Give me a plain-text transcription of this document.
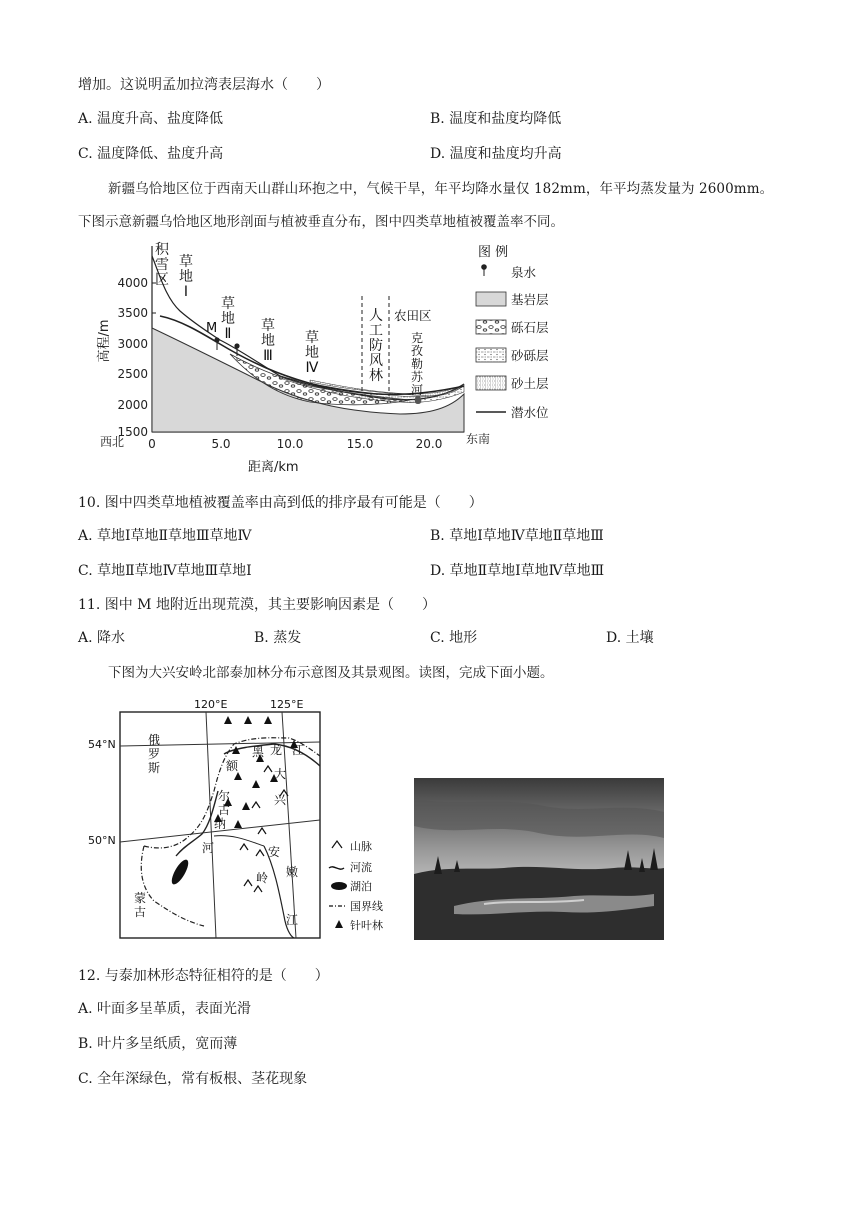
增加。这说明孟加拉湾表层海水（　　）
A. 温度升高、盐度降低	B. 温度和盐度均降低
C. 温度降低、盐度升高	D. 温度和盐度均升高
新疆乌恰地区位于西南天山群山环抱之中，气候干旱，年平均降水量仅 182mm，年平均蒸发量为 2600mm。
下图示意新疆乌恰地区地形剖面与植被垂直分布，图中四类草地植被覆盖率不同。
4000
3500
3000
2500
2000
1500
高程/m
0	5.0	10.0	15.0	20.0
西北	东南
积
雪
区
草
地
Ⅰ
草
地
Ⅱ 草
地
Ⅲ
草
地
Ⅳ
人
工
防
风
林
M
农田区
克
孜
勒
苏
河
图 例
泉水
基岩层
砾石层
砂砾层
砂土层
潜水位
距离/km
10. 图中四类草地植被覆盖率由高到低的排序最有可能是（　　）
A. 草地Ⅰ草地Ⅱ草地Ⅲ草地Ⅳ	B. 草地Ⅰ草地Ⅳ草地Ⅱ草地Ⅲ
C. 草地Ⅱ草地Ⅳ草地Ⅲ草地Ⅰ	D. 草地Ⅱ草地Ⅰ草地Ⅳ草地Ⅲ
11. 图中 M 地附近出现荒漠，其主要影响因素是（　　）
A. 降水	B. 蒸发	C. 地形	D. 土壤
下图为大兴安岭北部泰加林分布示意图及其景观图。读图，完成下面小题。
120°E	125°E
54°N
50°N
俄
罗
斯
蒙
古
黑 龙 江
额
尔
古
纳
河
大
兴
安
岭 嫩
江
山脉
河流
湖泊
国界线
针叶林
12. 与泰加林形态特征相符的是（　　）
A. 叶面多呈革质，表面光滑
B. 叶片多呈纸质，宽而薄
C. 全年深绿色，常有板根、茎花现象
